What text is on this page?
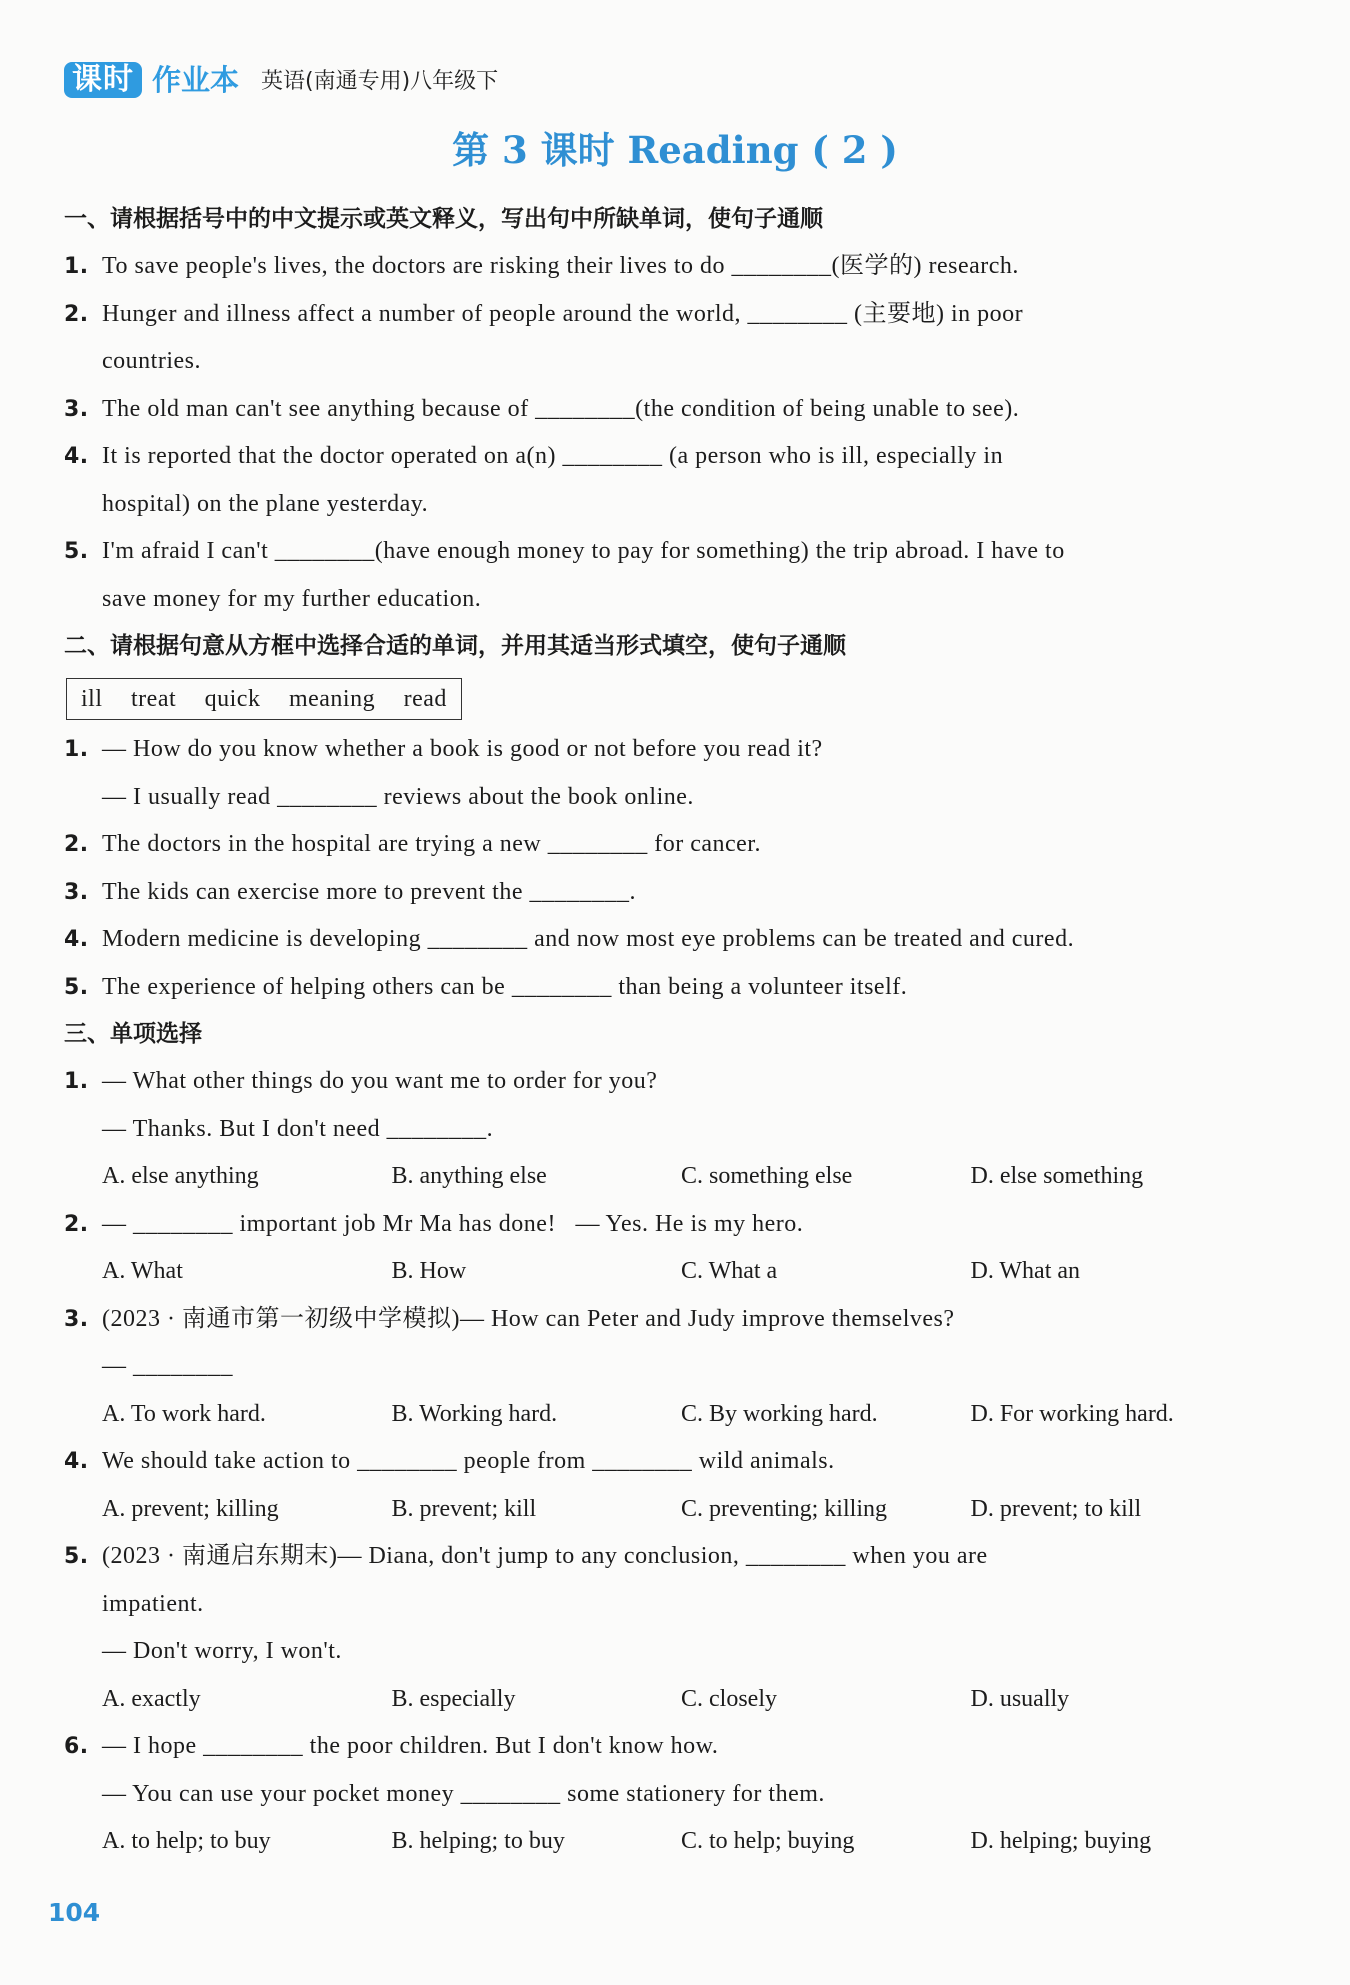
课时 作业本 英语(南通专用)八年级下
第 3 课时 Reading ( 2 )
一、请根据括号中的中文提示或英文释义，写出句中所缺单词，使句子通顺
1. To save people's lives, the doctors are risking their lives to do ________(医学的) research.
2. Hunger and illness affect a number of people around the world, ________ (主要地) in poor
countries.
3. The old man can't see anything because of ________(the condition of being unable to see).
4. It is reported that the doctor operated on a(n) ________ (a person who is ill, especially in
hospital) on the plane yesterday.
5. I'm afraid I can't ________(have enough money to pay for something) the trip abroad. I have to
save money for my further education.
二、请根据句意从方框中选择合适的单词，并用其适当形式填空，使句子通顺
ill treat quick meaning read
1. — How do you know whether a book is good or not before you read it?
— I usually read ________ reviews about the book online.
2. The doctors in the hospital are trying a new ________ for cancer.
3. The kids can exercise more to prevent the ________.
4. Modern medicine is developing ________ and now most eye problems can be treated and cured.
5. The experience of helping others can be ________ than being a volunteer itself.
三、单项选择
1. — What other things do you want me to order for you?
— Thanks. But I don't need ________.
A. else anything	B. anything else	C. something else	D. else something
2. — ________ important job Mr Ma has done!   — Yes. He is my hero.
A. What	B. How	C. What a	D. What an
3. (2023 · 南通市第一初级中学模拟)— How can Peter and Judy improve themselves?
— ________
A. To work hard.	B. Working hard.	C. By working hard.	D. For working hard.
4. We should take action to ________ people from ________ wild animals.
A. prevent; killing	B. prevent; kill	C. preventing; killing	D. prevent; to kill
5. (2023 · 南通启东期末)— Diana, don't jump to any conclusion, ________ when you are
impatient.
— Don't worry, I won't.
A. exactly	B. especially	C. closely	D. usually
6. — I hope ________ the poor children. But I don't know how.
— You can use your pocket money ________ some stationery for them.
A. to help; to buy	B. helping; to buy	C. to help; buying	D. helping; buying
104
